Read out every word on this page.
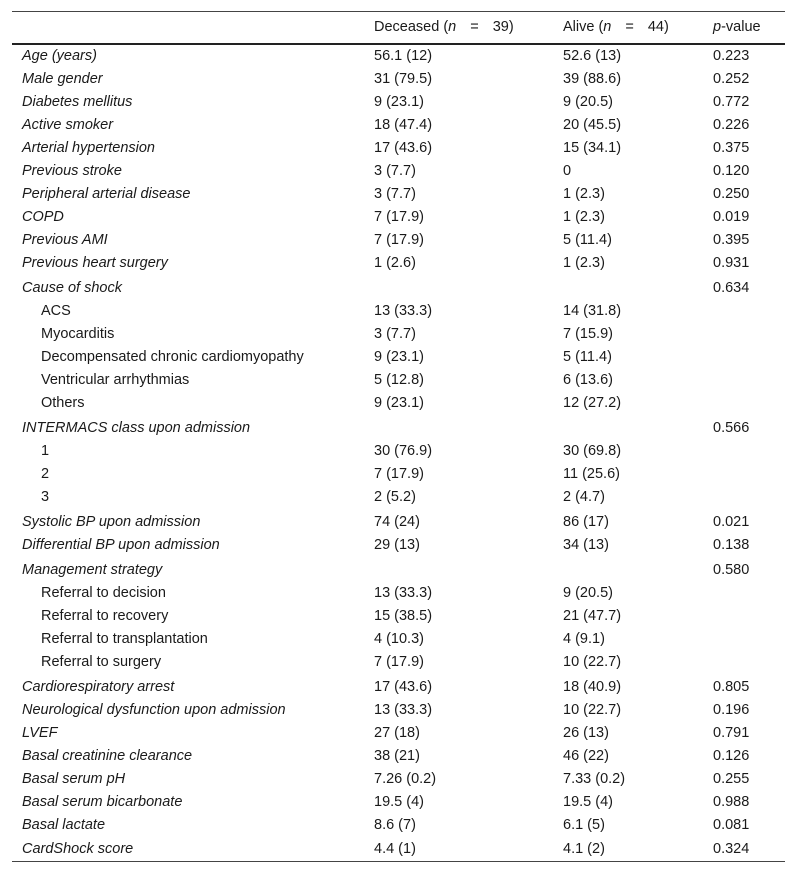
	Deceased (n = 39)	Alive (n = 44)	p-value
Age (years)	56.1 (12)	52.6 (13)	0.223
Male gender	31 (79.5)	39 (88.6)	0.252
Diabetes mellitus	9 (23.1)	9 (20.5)	0.772
Active smoker	18 (47.4)	20 (45.5)	0.226
Arterial hypertension	17 (43.6)	15 (34.1)	0.375
Previous stroke	3 (7.7)	0	0.120
Peripheral arterial disease	3 (7.7)	1 (2.3)	0.250
COPD	7 (17.9)	1 (2.3)	0.019
Previous AMI	7 (17.9)	5 (11.4)	0.395
Previous heart surgery	1 (2.6)	1 (2.3)	0.931
Cause of shock			0.634
ACS	13 (33.3)	14 (31.8)	
Myocarditis	3 (7.7)	7 (15.9)	
Decompensated chronic cardiomyopathy	9 (23.1)	5 (11.4)	
Ventricular arrhythmias	5 (12.8)	6 (13.6)	
Others	9 (23.1)	12 (27.2)	
INTERMACS class upon admission			0.566
1	30 (76.9)	30 (69.8)	
2	7 (17.9)	11 (25.6)	
3	2 (5.2)	2 (4.7)	
Systolic BP upon admission	74 (24)	86 (17)	0.021
Differential BP upon admission	29 (13)	34 (13)	0.138
Management strategy			0.580
Referral to decision	13 (33.3)	9 (20.5)	
Referral to recovery	15 (38.5)	21 (47.7)	
Referral to transplantation	4 (10.3)	4 (9.1)	
Referral to surgery	7 (17.9)	10 (22.7)	
Cardiorespiratory arrest	17 (43.6)	18 (40.9)	0.805
Neurological dysfunction upon admission	13 (33.3)	10 (22.7)	0.196
LVEF	27 (18)	26 (13)	0.791
Basal creatinine clearance	38 (21)	46 (22)	0.126
Basal serum pH	7.26 (0.2)	7.33 (0.2)	0.255
Basal serum bicarbonate	19.5 (4)	19.5 (4)	0.988
Basal lactate	8.6 (7)	6.1 (5)	0.081
CardShock score	4.4 (1)	4.1 (2)	0.324
